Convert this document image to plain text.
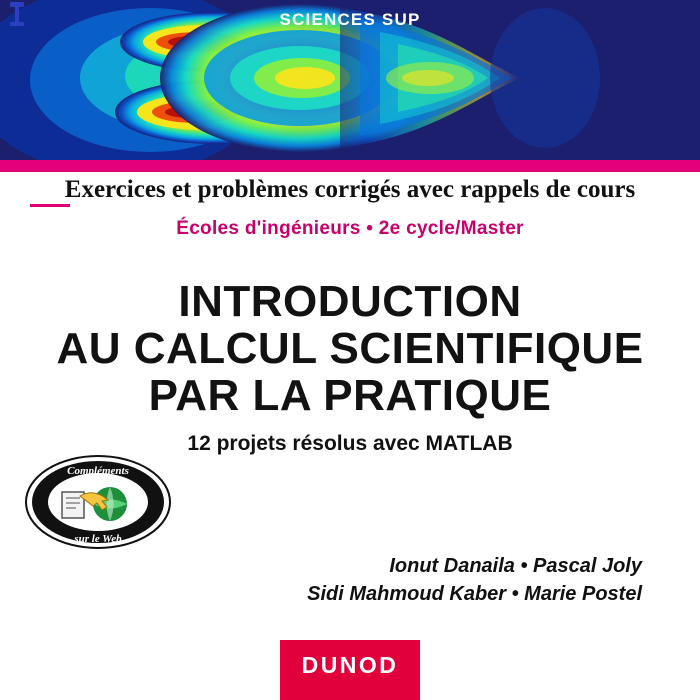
SCIENCES SUP
Exercices et problèmes corrigés avec rappels de cours
Écoles d'ingénieurs • 2e cycle/Master
INTRODUCTION
AU CALCUL SCIENTIFIQUE
PAR LA PRATIQUE
12 projets résolus avec MATLAB
Compléments
sur le Web
Ionut Danaila • Pascal Joly
Sidi Mahmoud Kaber • Marie Postel
DUNOD
